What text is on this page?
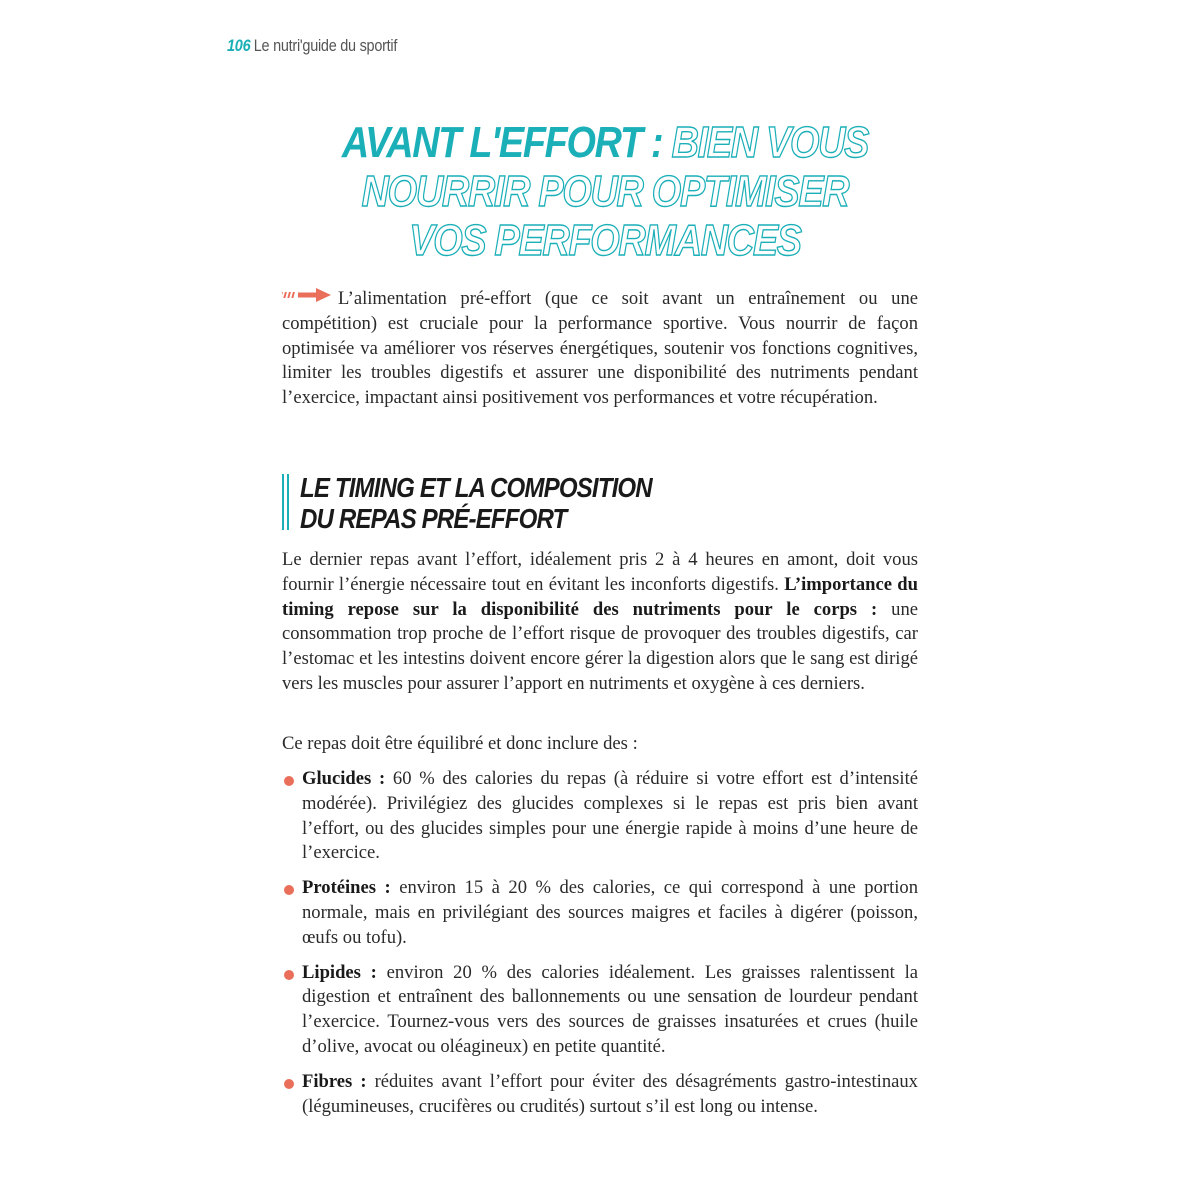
106 Le nutri'guide du sportif
AVANT L'EFFORT : BIEN VOUS
NOURRIR POUR OPTIMISER
VOS PERFORMANCES

L’alimentation pré-effort (que ce soit avant un entraînement ou une compétition) est cruciale pour la performance sportive. Vous nourrir de façon optimisée va améliorer vos réserves énergétiques, soutenir vos fonctions cognitives, limiter les troubles digestifs et assurer une disponibilité des nutriments pendant l’exercice, impactant ainsi positivement vos performances et votre récupération.

LE TIMING ET LA COMPOSITION
DU REPAS PRÉ-EFFORT

Le dernier repas avant l’effort, idéalement pris 2 à 4 heures en amont, doit vous fournir l’énergie nécessaire tout en évitant les inconforts digestifs. L’importance du timing repose sur la disponibilité des nutriments pour le corps : une consommation trop proche de l’effort risque de provoquer des troubles digestifs, car l’estomac et les intestins doivent encore gérer la digestion alors que le sang est dirigé vers les muscles pour assurer l’apport en nutriments et oxygène à ces derniers.

Ce repas doit être équilibré et donc inclure des :

Glucides : 60 % des calories du repas (à réduire si votre effort est d’intensité modérée). Privilégiez des glucides complexes si le repas est pris bien avant l’effort, ou des glucides simples pour une énergie rapide à moins d’une heure de l’exercice.
Protéines : environ 15 à 20 % des calories, ce qui correspond à une portion normale, mais en privilégiant des sources maigres et faciles à digérer (poisson, œufs ou tofu).
Lipides : environ 20 % des calories idéalement. Les graisses ralentissent la digestion et entraînent des ballonnements ou une sensation de lourdeur pendant l’exercice. Tournez-vous vers des sources de graisses insaturées et crues (huile d’olive, avocat ou oléagineux) en petite quantité.
Fibres : réduites avant l’effort pour éviter des désagréments gastro-intestinaux (légumineuses, crucifères ou crudités) surtout s’il est long ou intense.
